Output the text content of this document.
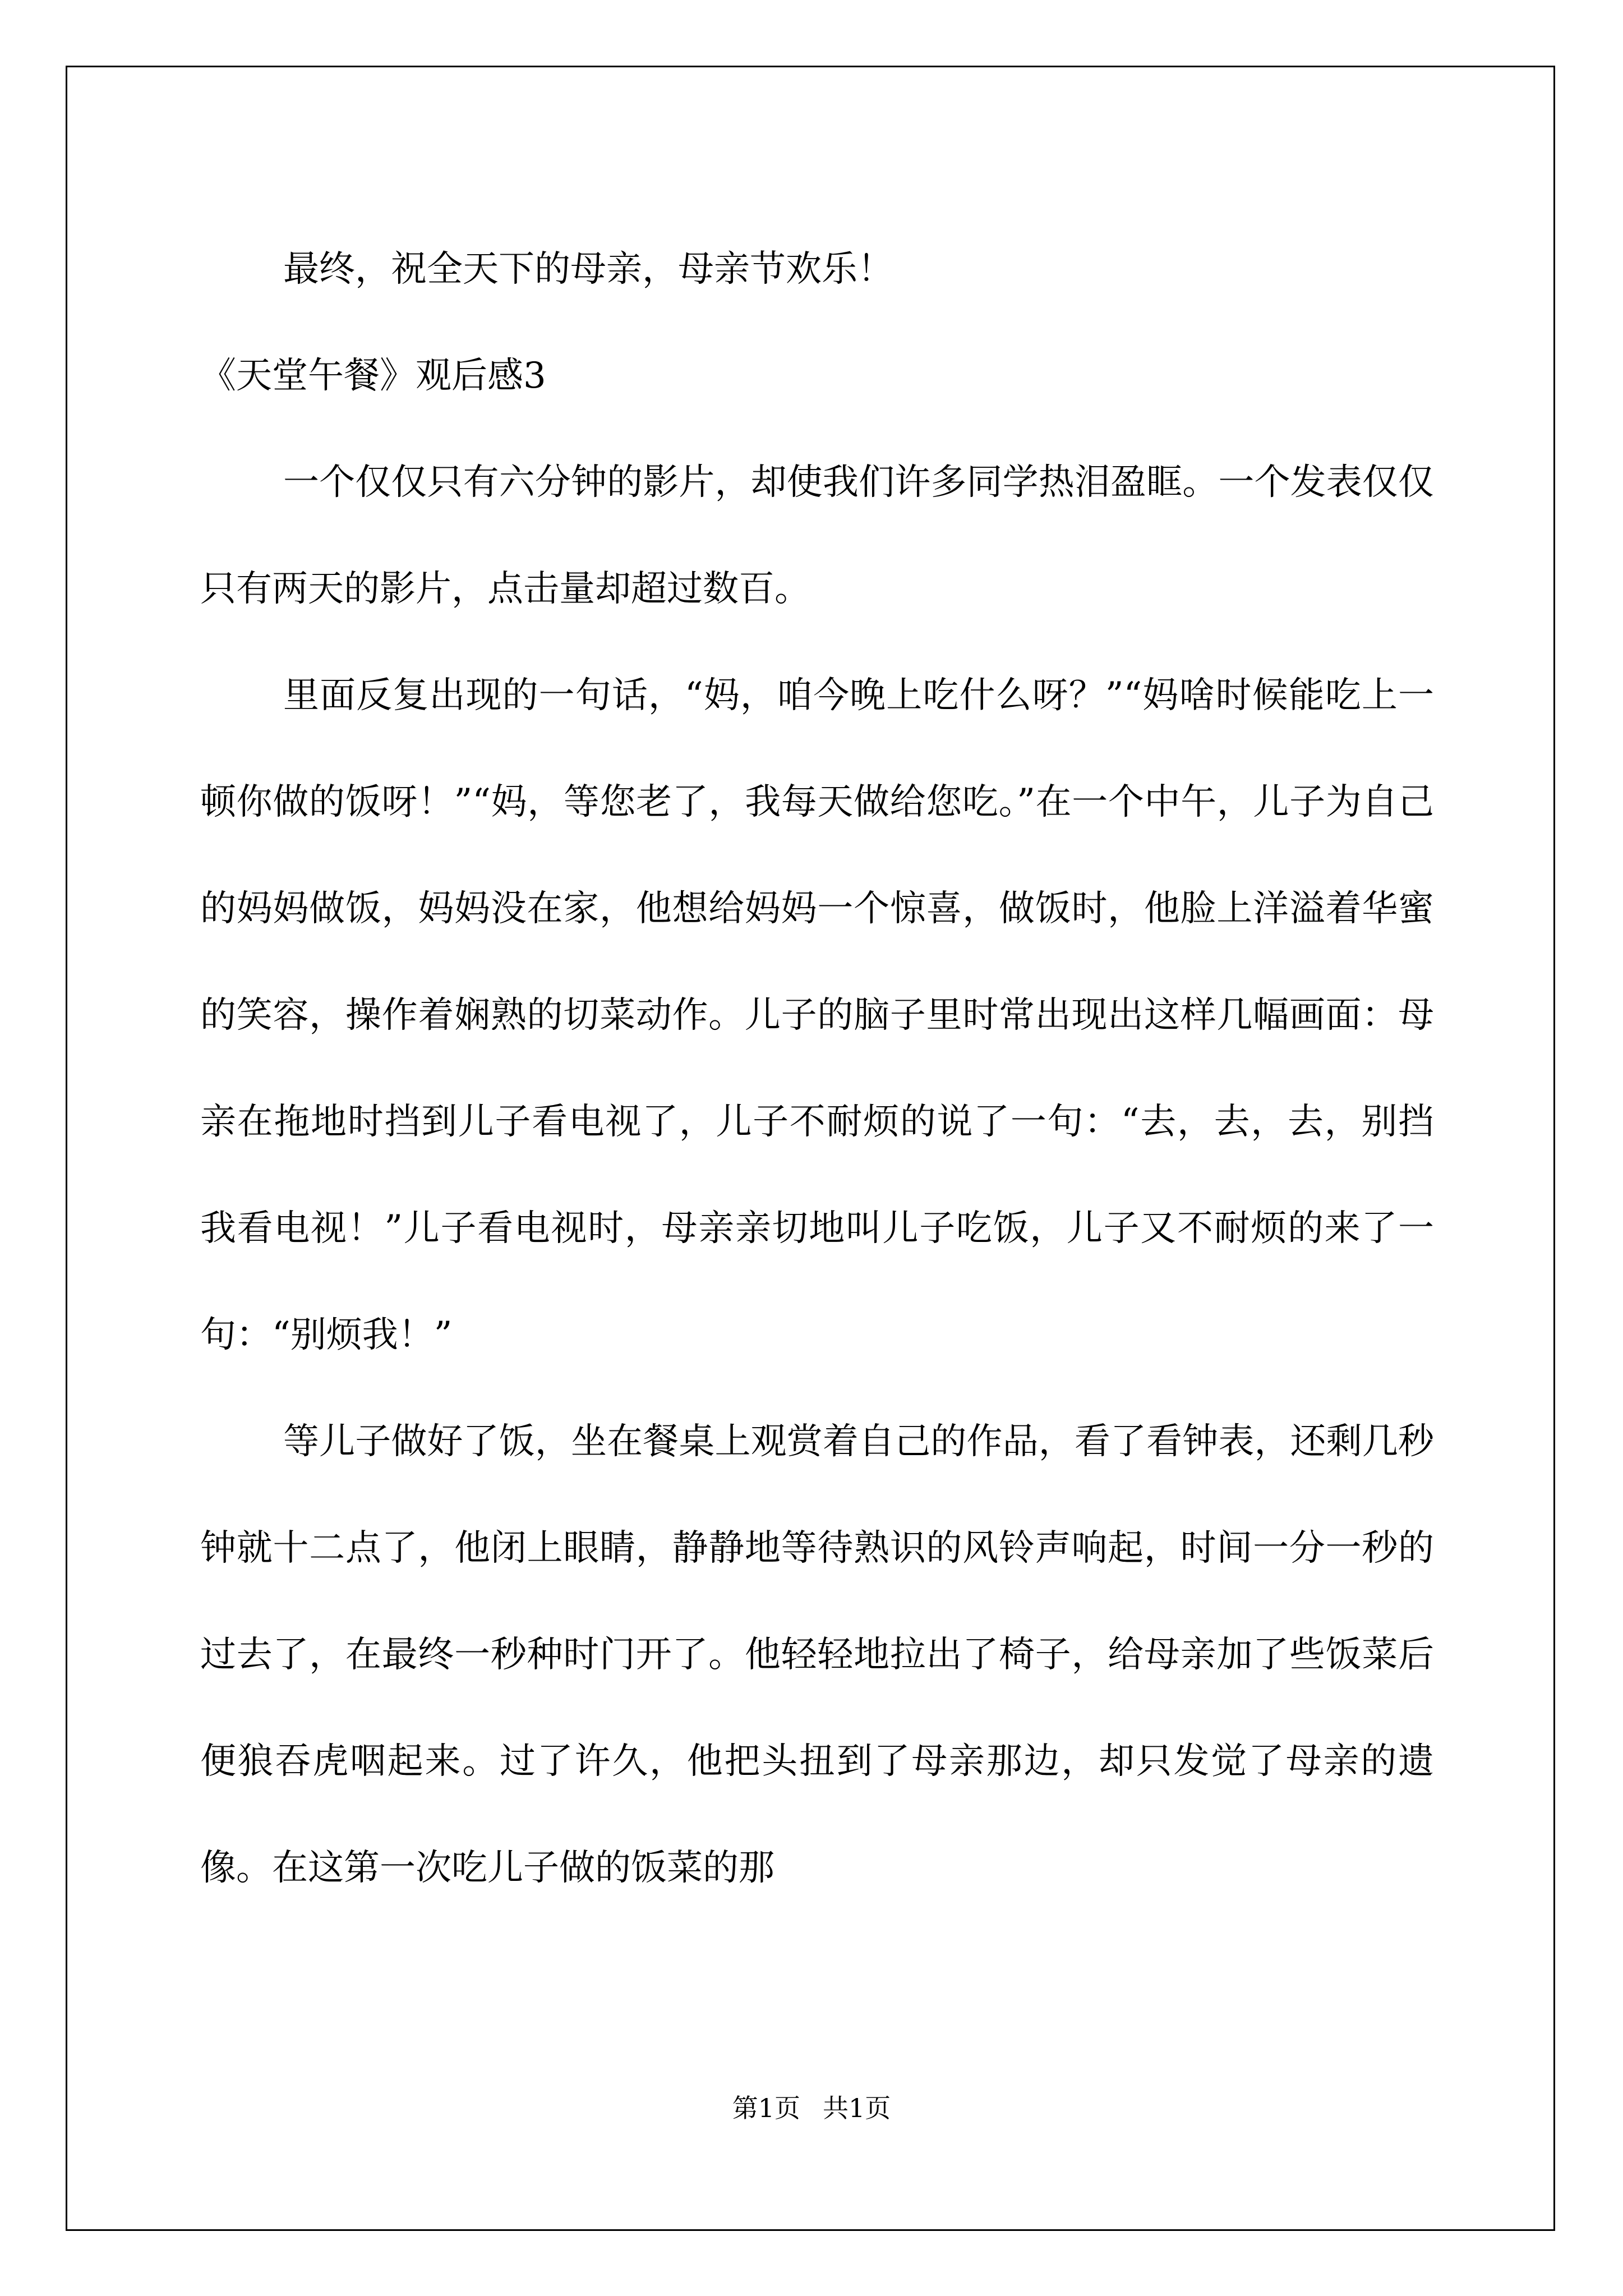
最终，祝全天下的母亲，母亲节欢乐！

《天堂午餐》观后感3

一个仅仅只有六分钟的影片，却使我们许多同学热泪盈眶。一个发表仅仅只有两天的影片，点击量却超过数百。

里面反复出现的一句话，“妈，咱今晚上吃什么呀？”“妈啥时候能吃上一顿你做的饭呀！”“妈，等您老了，我每天做给您吃。”在一个中午，儿子为自己的妈妈做饭，妈妈没在家，他想给妈妈一个惊喜，做饭时，他脸上洋溢着华蜜的笑容，操作着娴熟的切菜动作。儿子的脑子里时常出现出这样几幅画面：母亲在拖地时挡到儿子看电视了，儿子不耐烦的说了一句：“去，去，去，别挡我看电视！”儿子看电视时，母亲亲切地叫儿子吃饭，儿子又不耐烦的来了一句：“别烦我！”

等儿子做好了饭，坐在餐桌上观赏着自己的作品，看了看钟表，还剩几秒钟就十二点了，他闭上眼睛，静静地等待熟识的风铃声响起，时间一分一秒的过去了，在最终一秒种时门开了。他轻轻地拉出了椅子，给母亲加了些饭菜后便狼吞虎咽起来。过了许久，他把头扭到了母亲那边，却只发觉了母亲的遗像。在这第一次吃儿子做的饭菜的那

第1页 共1页
